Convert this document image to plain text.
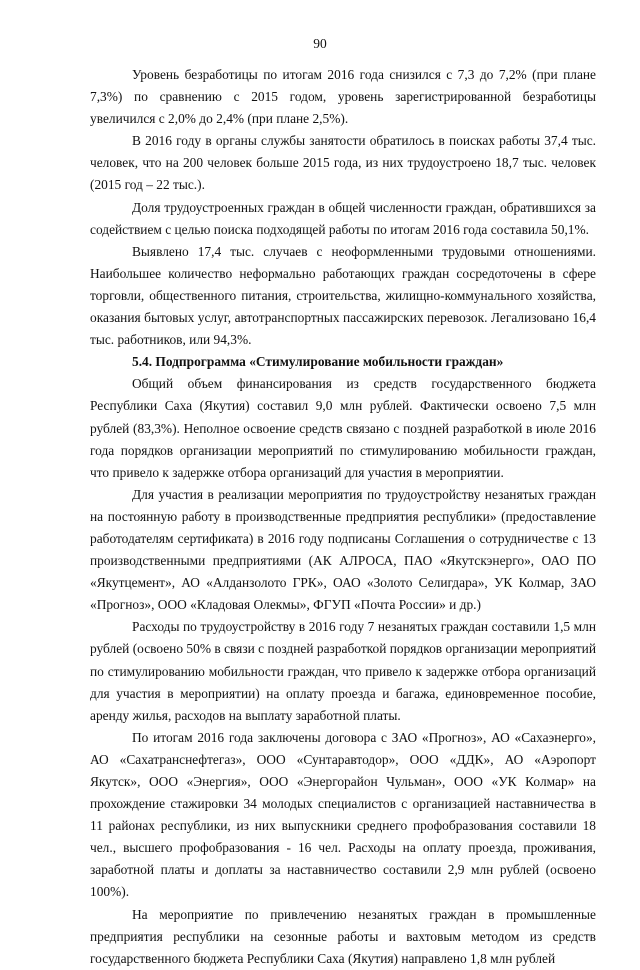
90

Уровень безработицы по итогам 2016 года снизился с 7,3 до 7,2% (при плане 7,3%) по сравнению с 2015 годом, уровень зарегистрированной безработицы увеличился с 2,0% до 2,4% (при плане 2,5%).

В 2016 году в органы службы занятости обратилось в поисках работы 37,4 тыс. человек, что на 200 человек больше 2015 года, из них трудоустроено 18,7 тыс. человек (2015 год – 22 тыс.).

Доля трудоустроенных граждан в общей численности граждан, обратившихся за содействием с целью поиска подходящей работы по итогам 2016 года составила 50,1%.

Выявлено 17,4 тыс. случаев с неоформленными трудовыми отношениями. Наибольшее количество неформально работающих граждан сосредоточены в сфере торговли, общественного питания, строительства, жилищно-коммунального хозяйства, оказания бытовых услуг, автотранспортных пассажирских перевозок. Легализовано 16,4 тыс. работников, или 94,3%.

5.4. Подпрограмма «Стимулирование мобильности граждан»

Общий объем финансирования из средств государственного бюджета Республики Саха (Якутия) составил 9,0 млн рублей. Фактически освоено 7,5 млн рублей (83,3%). Неполное освоение средств связано с поздней разработкой в июле 2016 года порядков организации мероприятий по стимулированию мобильности граждан, что привело к задержке отбора организаций для участия в мероприятии.

Для участия в реализации мероприятия по трудоустройству незанятых граждан на постоянную работу в производственные предприятия республики» (предоставление работодателям сертификата) в 2016 году подписаны Соглашения о сотрудничестве с 13 производственными предприятиями (АК АЛРОСА, ПАО «Якутскэнерго», ОАО ПО «Якутцемент», АО «Алданзолото ГРК», ОАО «Золото Селигдара», УК Колмар, ЗАО «Прогноз», ООО «Кладовая Олекмы», ФГУП «Почта России» и др.)

Расходы по трудоустройству в 2016 году 7 незанятых граждан составили 1,5 млн рублей (освоено 50% в связи с поздней разработкой порядков организации мероприятий по стимулированию мобильности граждан, что привело к задержке отбора организаций для участия в мероприятии) на оплату проезда и багажа, единовременное пособие, аренду жилья, расходов на выплату заработной платы.

По итогам 2016 года заключены договора с ЗАО «Прогноз», АО «Сахаэнерго», АО «Сахатранснефтегаз», ООО «Сунтаравтодор», ООО «ДДК», АО «Аэропорт Якутск», ООО «Энергия», ООО «Энергорайон Чульман», ООО «УК Колмар» на прохождение стажировки 34 молодых специалистов с организацией наставничества в 11 районах республики, из них выпускники среднего профобразования составили 18 чел., высшего профобразования - 16 чел. Расходы на оплату проезда, проживания, заработной платы и доплаты за наставничество составили 2,9 млн рублей (освоено 100%).

На мероприятие по привлечению незанятых граждан в промышленные предприятия республики на сезонные работы и вахтовым методом из средств государственного бюджета Республики Саха (Якутия) направлено 1,8 млн рублей
